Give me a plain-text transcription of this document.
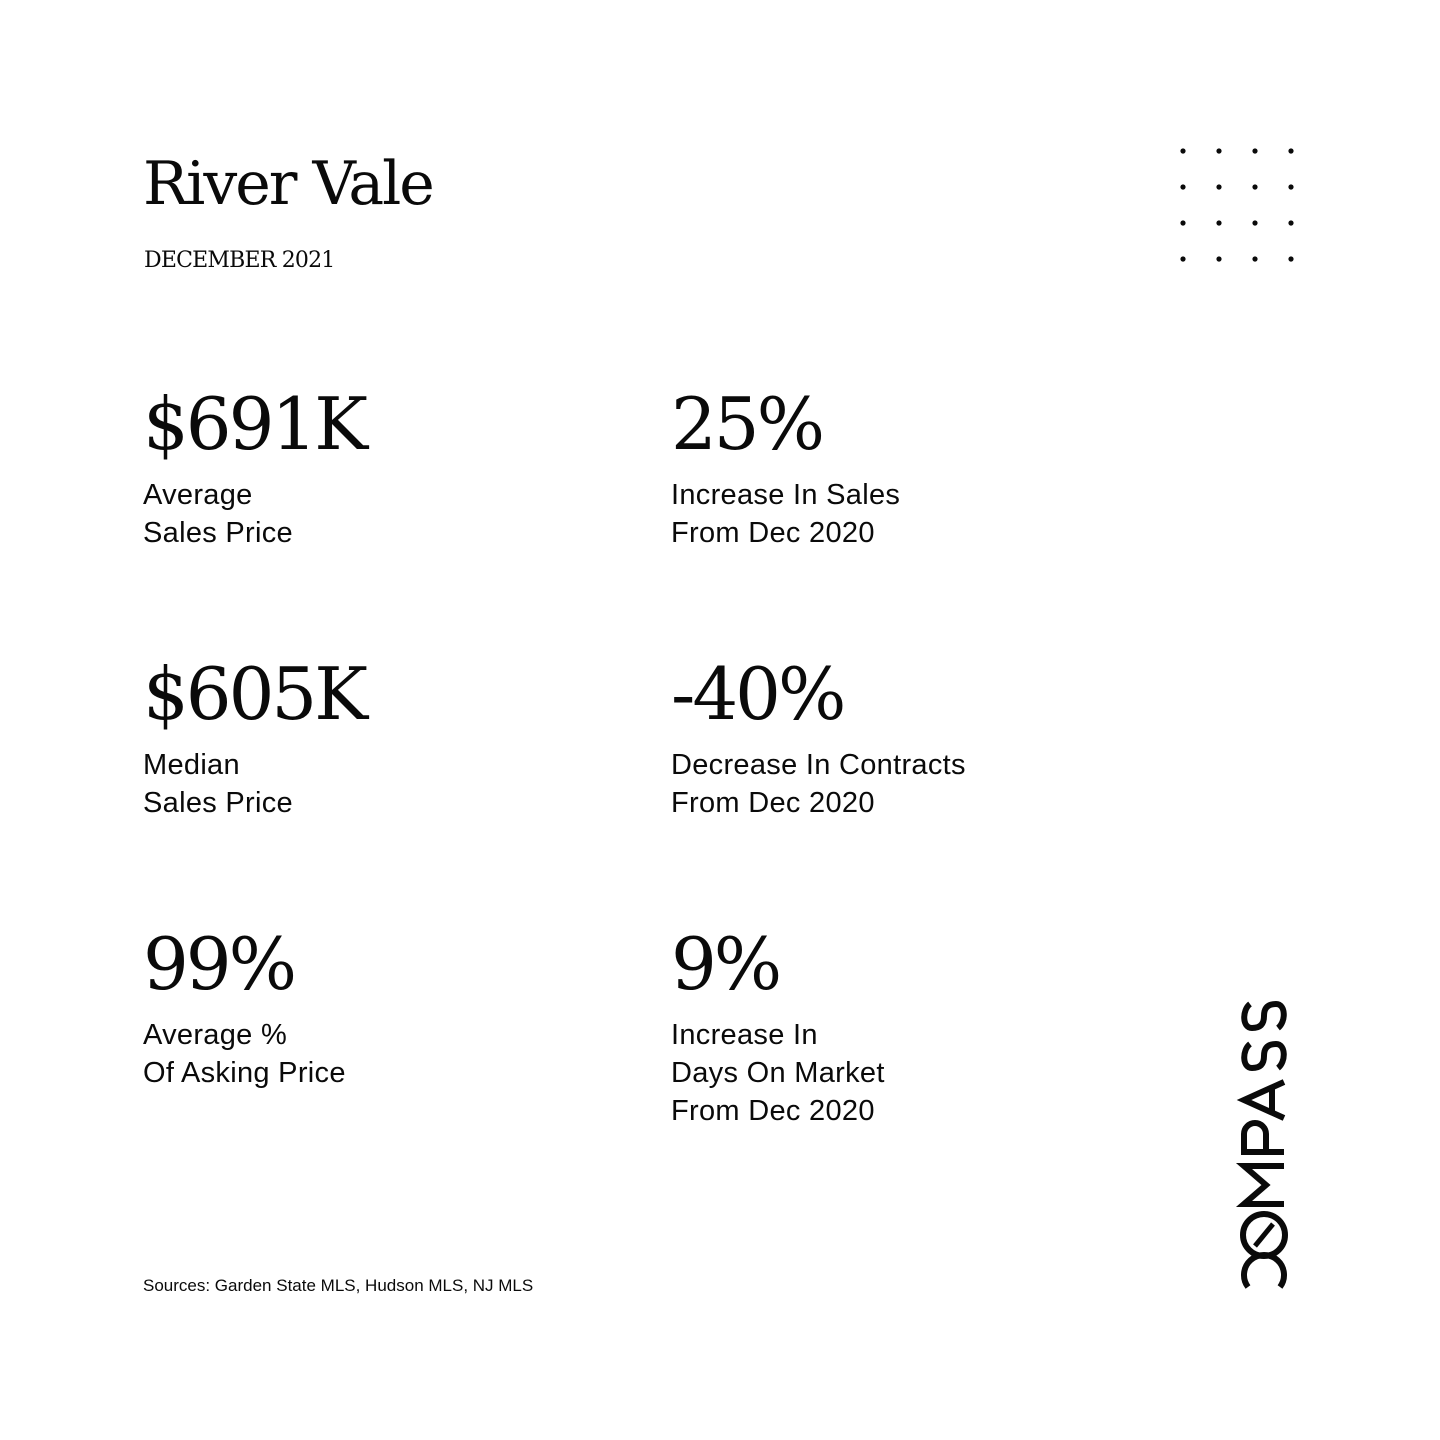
River Vale
DECEMBER 2021
$691K
Average
Sales Price
25%
Increase In Sales
From Dec 2020
$605K
Median
Sales Price
-40%
Decrease In Contracts
From Dec 2020
99%
Average %
Of Asking Price
9%
Increase In
Days On Market
From Dec 2020
Sources: Garden State MLS, Hudson MLS, NJ MLS
